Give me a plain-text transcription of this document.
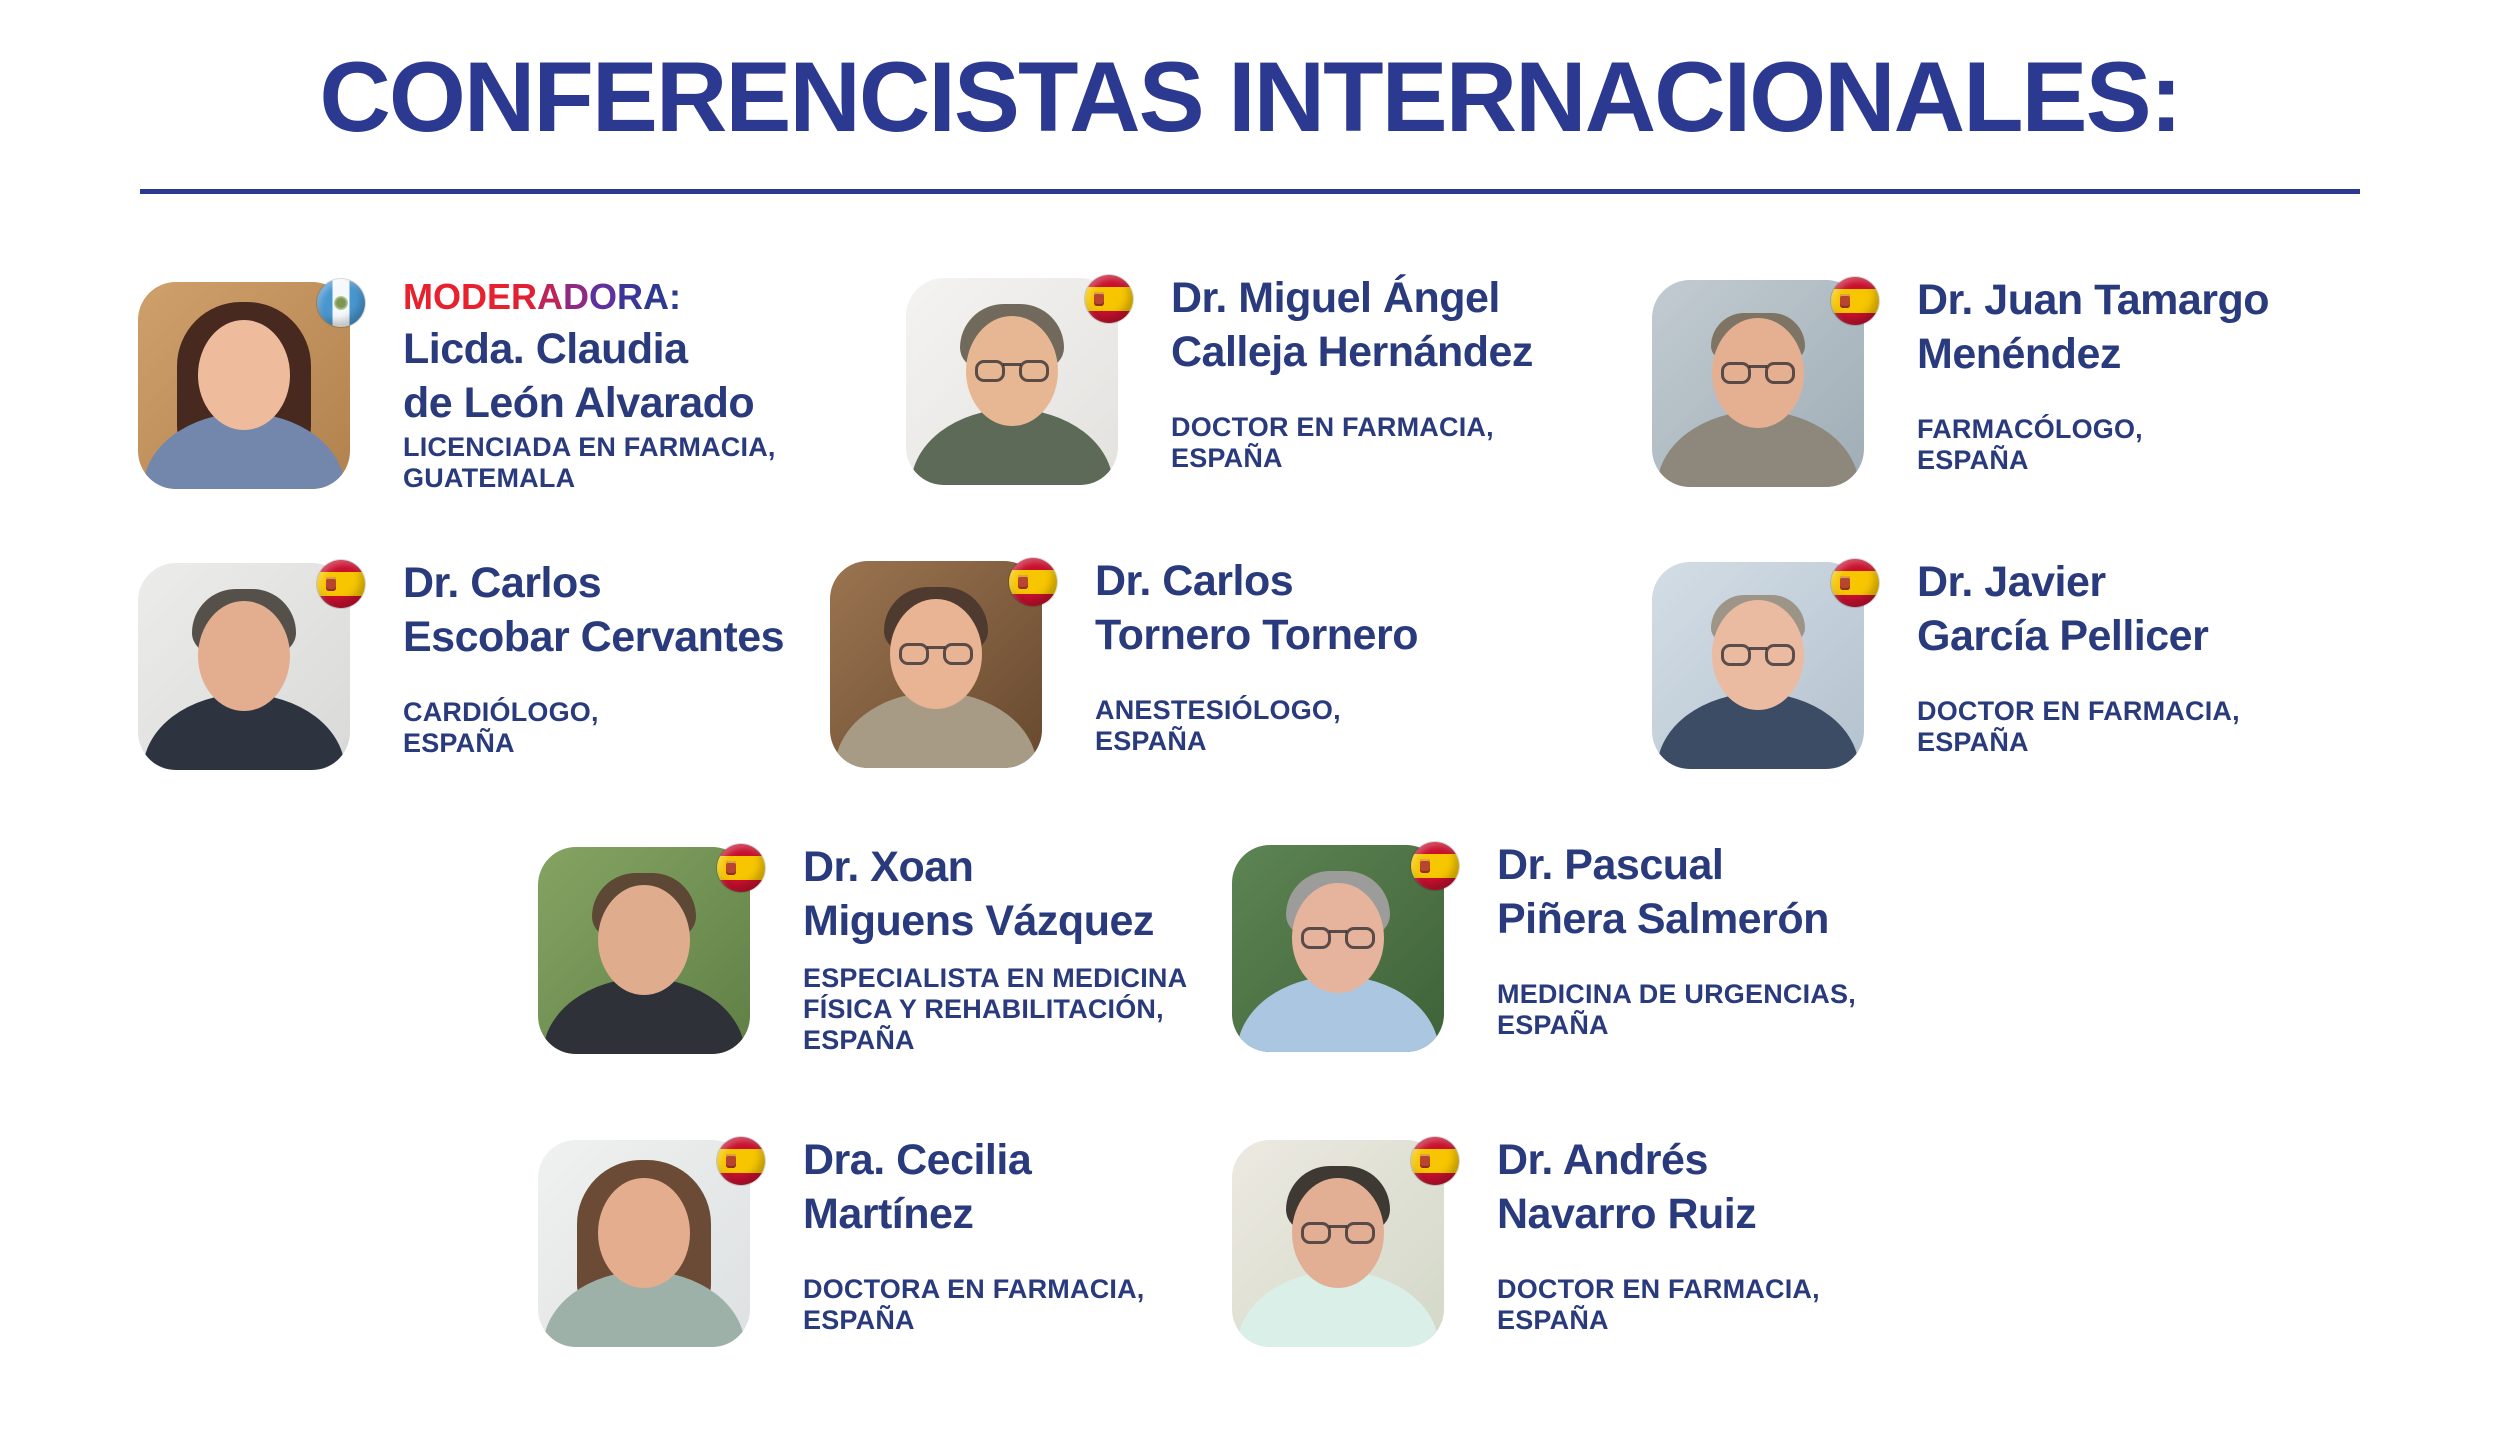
CONFERENCISTAS INTERNACIONALES:

MODERADORA:

Licda. Claudia
de León Alvarado

LICENCIADA EN FARMACIA,
GUATEMALA

Dr. Miguel Ángel
Calleja Hernández

DOCTOR EN FARMACIA,
ESPAÑA

Dr. Juan Tamargo
Menéndez

FARMACÓLOGO,
ESPAÑA

Dr. Carlos
Escobar Cervantes

CARDIÓLOGO,
ESPAÑA

Dr. Carlos
Tornero Tornero

ANESTESIÓLOGO,
ESPAÑA

Dr. Javier
García Pellicer

DOCTOR EN FARMACIA,
ESPAÑA

Dr. Xoan
Miguens Vázquez

ESPECIALISTA EN MEDICINA
FÍSICA Y REHABILITACIÓN,
ESPAÑA

Dr. Pascual
Piñera Salmerón

MEDICINA DE URGENCIAS,
ESPAÑA

Dra. Cecilia
Martínez

DOCTORA EN FARMACIA,
ESPAÑA

Dr. Andrés
Navarro Ruiz

DOCTOR EN FARMACIA,
ESPAÑA
